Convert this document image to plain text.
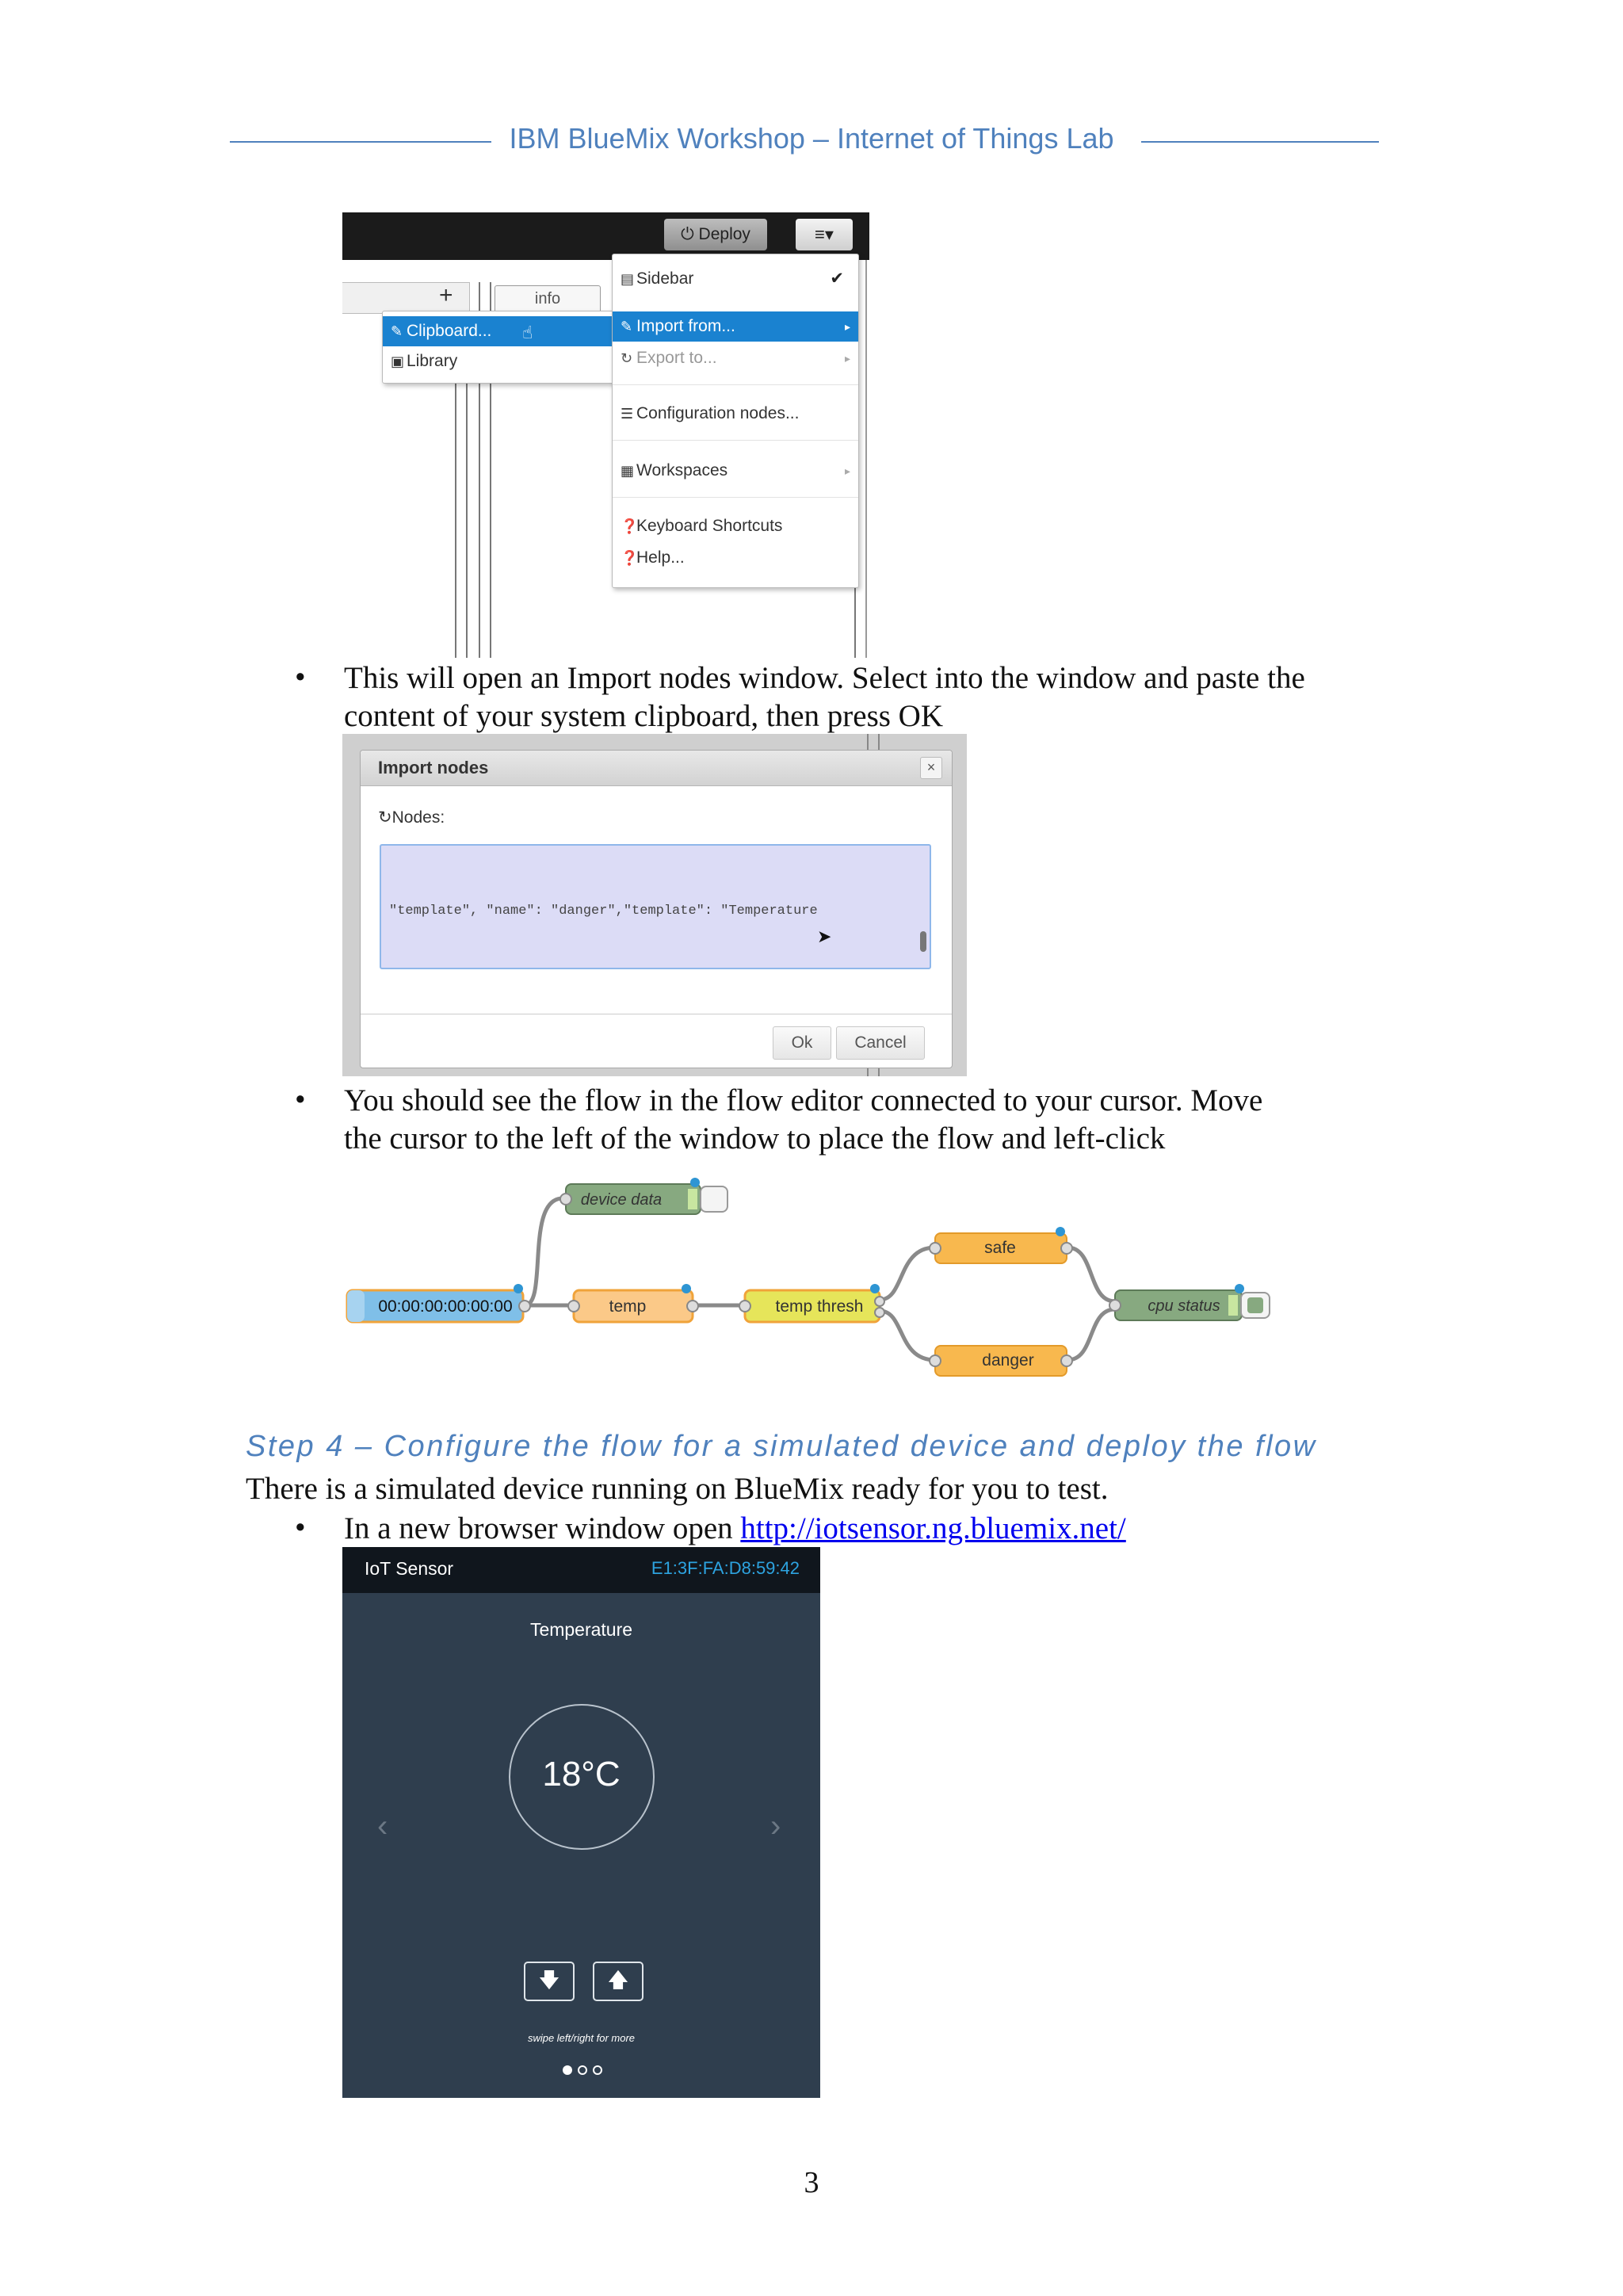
IBM BlueMix Workshop – Internet of Things Lab
⏻ Deploy	≡▾
+	info
✎ Clipboard... ☝
▣ Library
▤ Sidebar	✔
✎ Import from...	▸
↻ Export to...	▸
☰ Configuration nodes...
▦ Workspaces	▸
❓
Keyboard Shortcuts
❓
Help...
• This will open an Import nodes window. Select into the window and paste the
content of your system clipboard, then press OK
Import nodes	×
↻Nodes:

"template", "name": "danger","template": "Temperature

➤
Ok	Cancel
• You should see the flow in the flow editor connected to your cursor. Move
the cursor to the left of the window to place the flow and left-click
device data
00:00:00:00:00:00	temp	temp thresh
safe
danger
cpu status
Step 4 – Configure the flow for a simulated device and deploy the flow
There is a simulated device running on BlueMix ready for you to test.
• In a new browser window open http://iotsensor.ng.bluemix.net/
IoT Sensor	E1:3F:FA:D8:59:42
Temperature
18°C
‹	›
🡇	🡅
swipe left/right for more
3
